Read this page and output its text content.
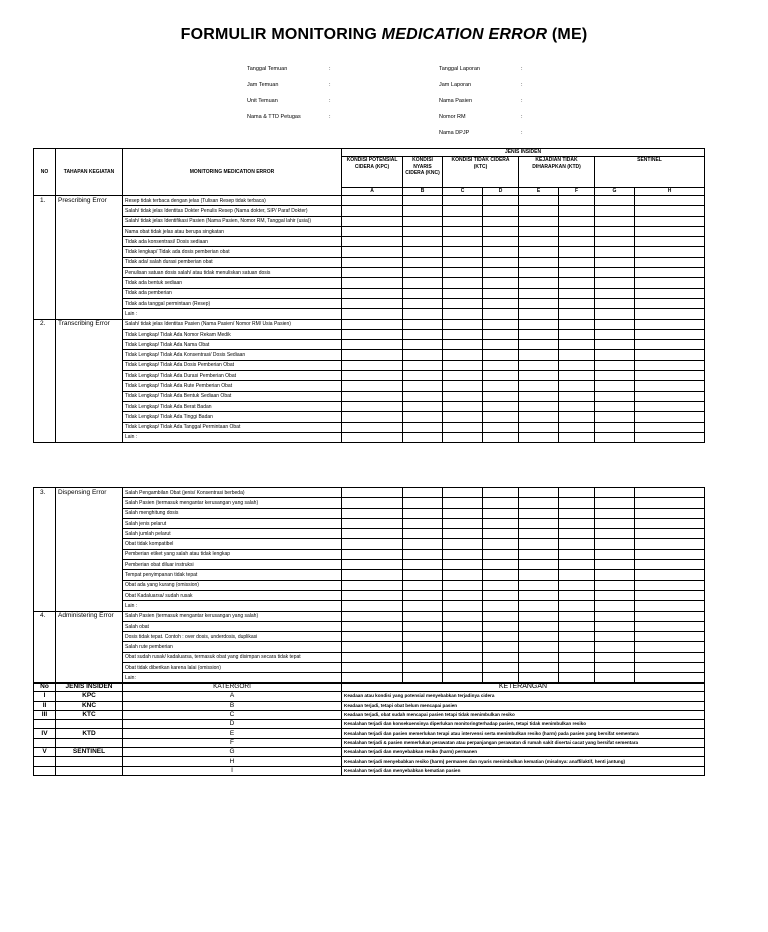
FORMULIR MONITORING MEDICATION ERROR (ME)
Tanggal Temuan	:
Jam Temuan	:
Unit Temuan	:
Nama & TTD Petugas	:
Tanggal Laporan	:
Jam Laporan	:
Nama Pasien	:
Nomor RM	:
Nama DPJP	:
NO	TAHAPAN KEGIATAN	MONITORING MEDICATION ERROR	JENIS INSIDEN								
			KONDISI POTENSIAL CIDERA (KPC)	KONDISI NYARIS CIDERA (KNC)	KONDISI TIDAK CIDERA (KTC)		KEJADIAN TIDAK DIHARAPKAN (KTD)		SENTINEL		
			A	B	C	D	E	F	G	H	
1.	Prescribing Error	Resep tidak terbaca dengan jelas (Tulisan Resep tidak terbaca)									
		Salah/ tidak jelas Identitas Dokter Penulis Resep (Nama dokter, SIP/ Paraf Dokter)									
		Salah/ tidak jelas Identifikasi Pasien (Nama Pasien, Nomor RM, Tanggal lahir (usia))									
		Nama obat tidak jelas atau berupa singkatan									
		Tidak ada konsentrasi/ Dosis sediaan									
		Tidak lengkap/ Tidak ada dosis pemberian obat									
		Tidak ada/ salah durasi pemberian obat									
		Penulisan satuan dosis salah/ atau tidak menuliskan satuan dosis									
		Tidak ada bentuk sediaan									
		Tidak ada pemberian									
		Tidak ada tanggal permintaan (Resep)									
		Lain :									
2.	Transcribing Error	Salah/ tidak jelas Identitas Pasien (Nama Pasien/ Nomor RM/ Usia Pasien)									
		Tidak Lengkap/ Tidak Ada Nomor Rekam Medik									
		Tidak Lengkap/ Tidak Ada Nama Obat									
		Tidak Lengkap/ Tidak Ada Konsentrasi/ Dosis Sediaan									
		Tidak Lengkap/ Tidak Ada Dosis Pemberian Obat									
		Tidak Lengkap/ Tidak Ada Durasi Pemberian Obat									
		Tidak Lengkap/ Tidak Ada Rute Pemberian Obat									
		Tidak Lengkap/ Tidak Ada Bentuk Sediaan Obat									
		Tidak Lengkap/ Tidak Ada Berat Badan									
		Tidak Lengkap/ Tidak Ada Tinggi Badan									
		Tidak Lengkap/ Tidak Ada Tanggal Permintaan Obat									
		Lain :									
3.	Dispensing Error	Salah Pengambilan Obat (jenis/ Konsentrasi berbeda)								
		Salah Pasien (termasuk mengantar kerusangan yang salah)								
		Salah menghitung dosis								
		Salah jenis pelarut								
		Salah jumlah pelarut								
		Obat tidak kompatibel								
		Pemberian etiket yang salah atau tidak lengkap								
		Pemberian obat diluar instruksi								
		Tempat penyimpanan tidak tepat								
		Obat ada yang kurang (omission)								
		Obat Kadaluarsa/ sudah rusak								
		Lain :								
4.	Administering Error	Salah Pasien (termasuk mengantar kerusangan yang salah)								
		Salah obat								
		Dosis tidak tepat. Contoh : over dosis, underdosis, duplikasi								
		Salah rute pemberian								
		Obat sudah rusak/ kadaluarsa, termasuk obat yang disimpan secara tidak tepat								
		Obat tidak diberikan karena lalai (omission)								
		Lain:								
No	JENIS INSIDEN	KATERGORI	KETERANGAN
I	KPC	A	Keadaan atau kondisi yang potensial menyebabkan terjadinya cidera
II	KNC	B	Keadaan terjadi, tetapi obat belum mencapai pasien
III	KTC	C	Keadaan terjadi, obat sudah mencapai pasien tetapi tidak menimbulkan resiko
		D	Kesalahan terjadi dan konsekuensinya diperlukan monitoringterhadap pasien, tetapi tidak menimbulkan resiko
IV	KTD	E	Kesalahan terjadi dan pasien memerlukan terapi atau intervensi serta menimbulkan resiko (harm) pada pasien yang bersifat sementara
		F	Kesalahan terjadi & pasien memerlukan perawatan atau perpanjangan perawatan di rumah sakit disertai cacat yang bersifat sementara
V	SENTINEL	G	Kesalahan terjadi dan menyebabkan resiko (harm) permanen
		H	Kesalahan terjadi menyebabkan resiko (harm) permanen dan nyaris menimbulkan kematian (misalnya: anaffilaktif, henti jantung)
		I	Kesalahan terjadi dan menyebabkan kematian pasien
